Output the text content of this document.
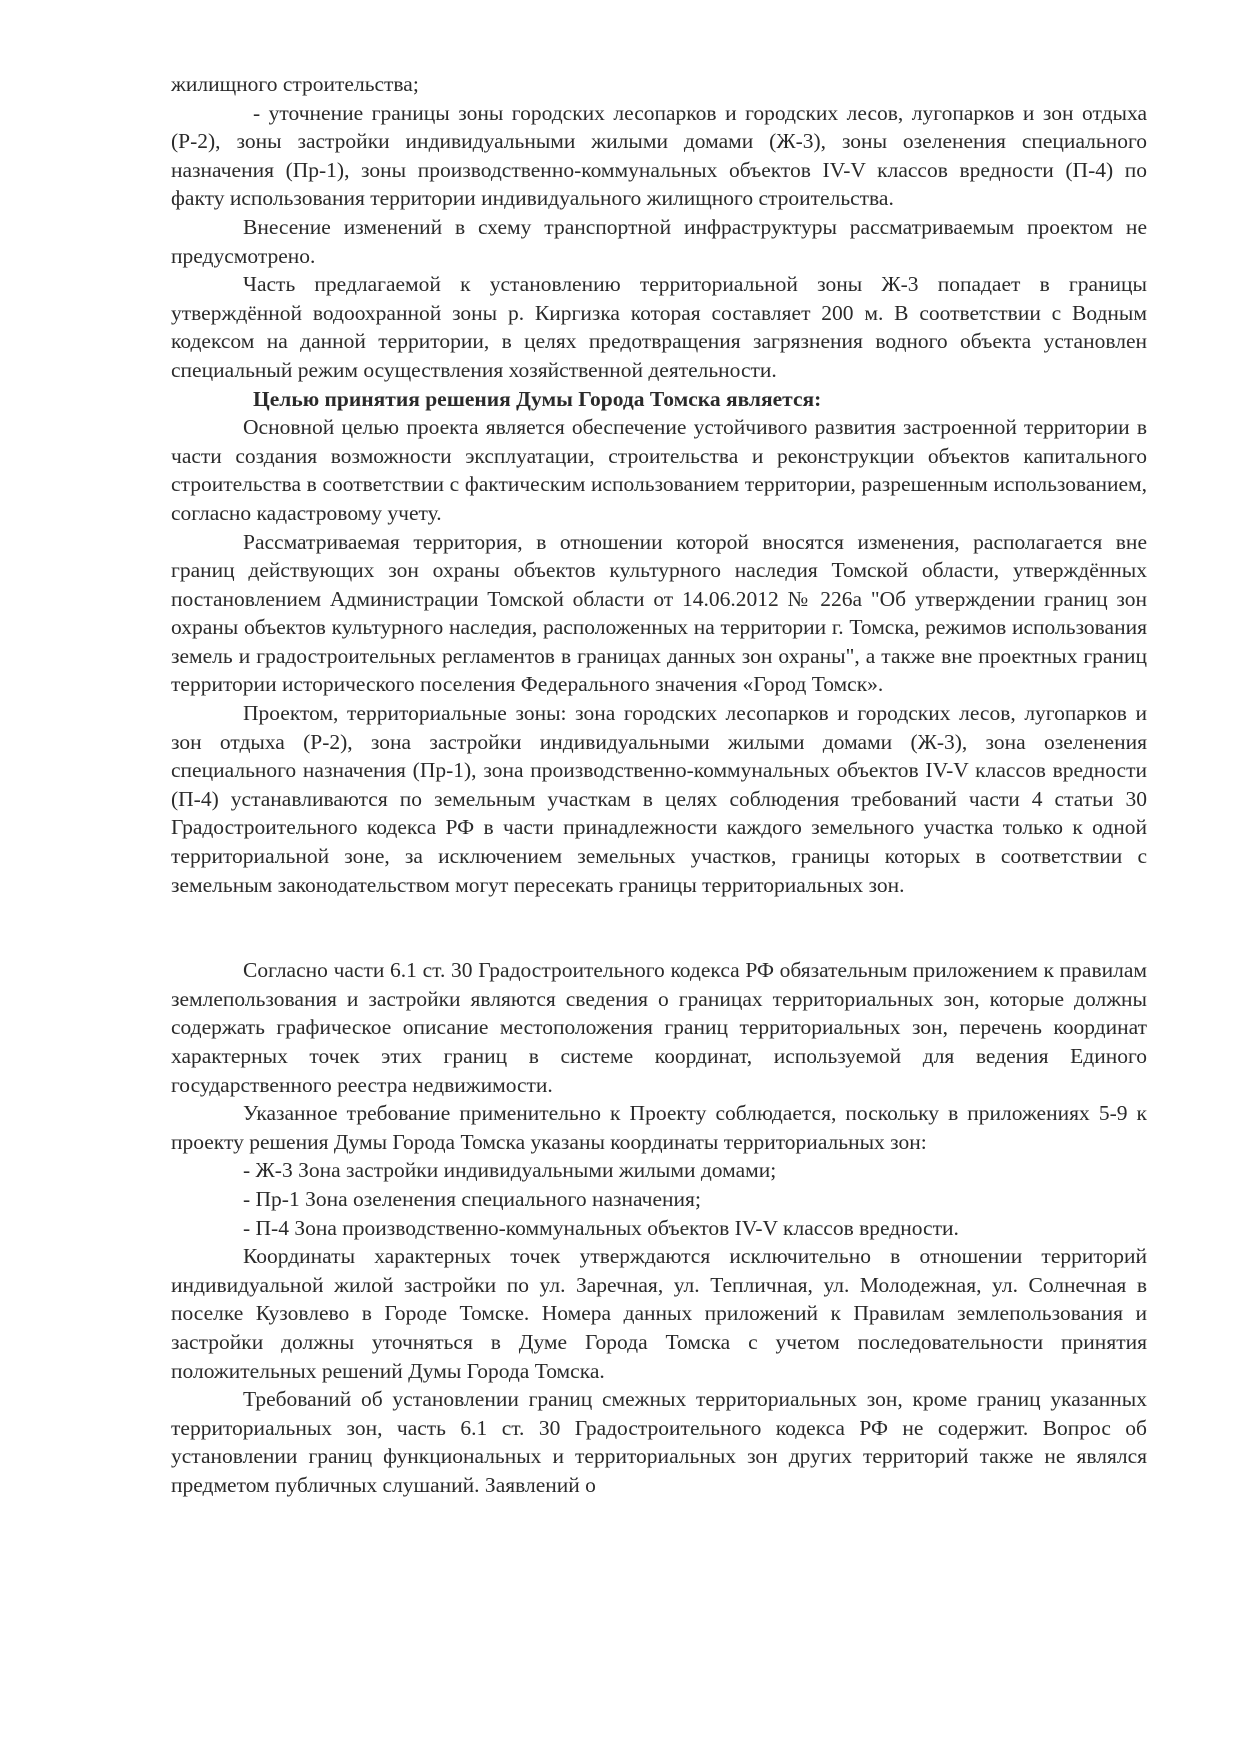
жилищного строительства;

- уточнение границы зоны городских лесопарков и городских лесов, лугопарков и зон отдыха (Р-2), зоны застройки индивидуальными жилыми домами (Ж-3), зоны озеленения специального назначения (Пр-1), зоны производственно-коммунальных объектов IV-V классов вредности (П-4) по факту использования территории индивидуального жилищного строительства.

Внесение изменений в схему транспортной инфраструктуры рассматриваемым проектом не предусмотрено.

Часть предлагаемой к установлению территориальной зоны Ж-3 попадает в границы утверждённой водоохранной зоны р. Киргизка которая составляет 200 м. В соответствии с Водным кодексом на данной территории, в целях предотвращения загрязнения водного объекта установлен специальный режим осуществления хозяйственной деятельности.

Целью принятия решения Думы Города Томска является:

Основной целью проекта является обеспечение устойчивого развития застроенной территории в части создания возможности эксплуатации, строительства и реконструкции объектов капитального строительства в соответствии с фактическим использованием территории, разрешенным использованием, согласно кадастровому учету.

Рассматриваемая территория, в отношении которой вносятся изменения, располагается вне границ действующих зон охраны объектов культурного наследия Томской области, утверждённых постановлением Администрации Томской области от 14.06.2012 № 226а "Об утверждении границ зон охраны объектов культурного наследия, расположенных на территории г. Томска, режимов использования земель и градостроительных регламентов в границах данных зон охраны", а также вне проектных границ территории исторического поселения Федерального значения «Город Томск».

Проектом, территориальные зоны: зона городских лесопарков и городских лесов, лугопарков и зон отдыха (Р-2), зона застройки индивидуальными жилыми домами (Ж-3), зона озеленения специального назначения (Пр-1), зона производственно-коммунальных объектов IV-V классов вредности (П-4) устанавливаются по земельным участкам в целях соблюдения требований части 4 статьи 30 Градостроительного кодекса РФ в части принадлежности каждого земельного участка только к одной территориальной зоне, за исключением земельных участков, границы которых в соответствии с земельным законодательством могут пересекать границы территориальных зон.

Согласно части 6.1 ст. 30 Градостроительного кодекса РФ обязательным приложением к правилам землепользования и застройки являются сведения о границах территориальных зон, которые должны содержать графическое описание местоположения границ территориальных зон, перечень координат характерных точек этих границ в системе координат, используемой для ведения Единого государственного реестра недвижимости.

Указанное требование применительно к Проекту соблюдается, поскольку в приложениях 5-9 к проекту решения Думы Города Томска указаны координаты территориальных зон:

- Ж-3 Зона застройки индивидуальными жилыми домами;

- Пр-1 Зона озеленения специального назначения;

- П-4 Зона производственно-коммунальных объектов IV-V классов вредности.

Координаты характерных точек утверждаются исключительно в отношении территорий индивидуальной жилой застройки по ул. Заречная, ул. Тепличная, ул. Молодежная, ул. Солнечная в поселке Кузовлево в Городе Томске. Номера данных приложений к Правилам землепользования и застройки должны уточняться в Думе Города Томска с учетом последовательности принятия положительных решений Думы Города Томска.

Требований об установлении границ смежных территориальных зон, кроме границ указанных территориальных зон, часть 6.1 ст. 30 Градостроительного кодекса РФ не содержит. Вопрос об установлении границ функциональных и территориальных зон других территорий также не являлся предметом публичных слушаний. Заявлений о
